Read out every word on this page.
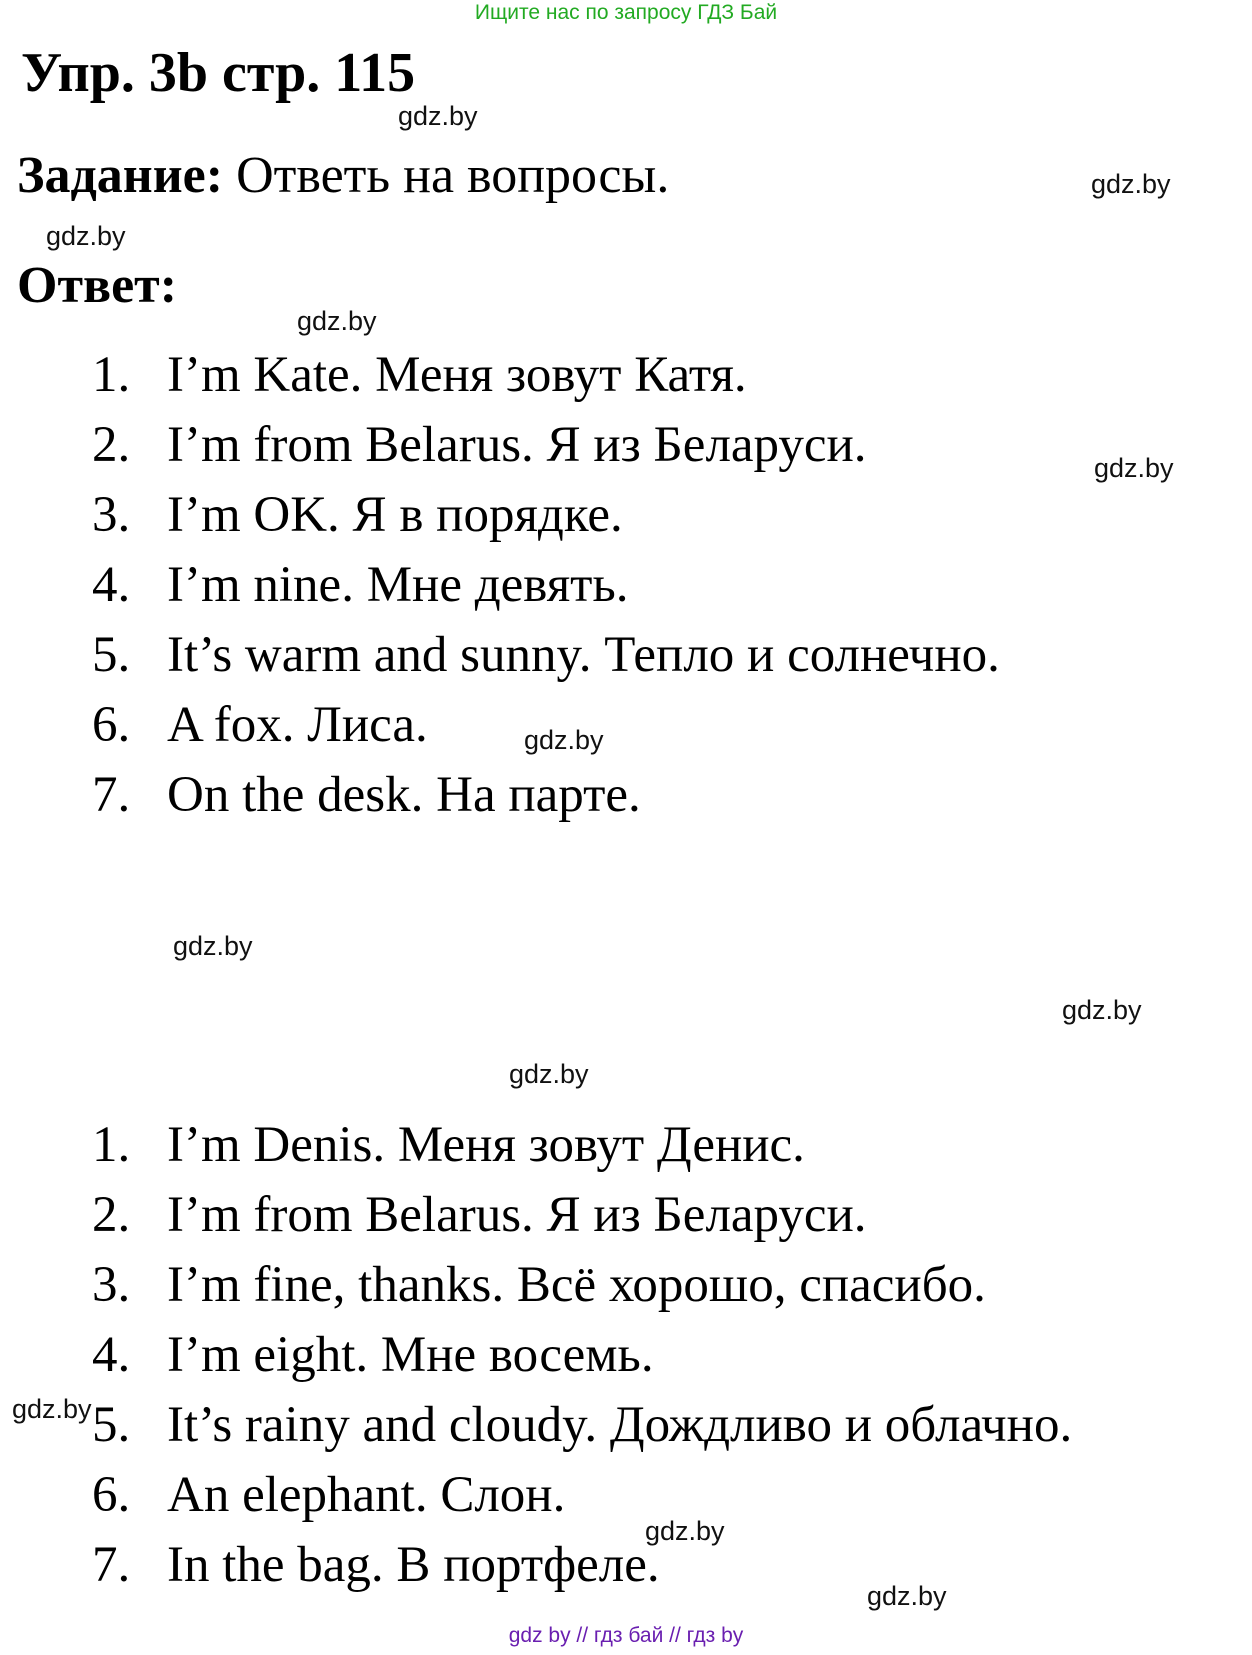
Ищите нас по запросу ГДЗ Бай
Упр. 3b стр. 115
Задание: Ответь на вопросы.
Ответ:
1. I’m Kate. Меня зовут Катя.
2. I’m from Belarus. Я из Беларуси.
3. I’m OK. Я в порядке.
4. I’m nine. Мне девять.
5. It’s warm and sunny. Тепло и солнечно.
6. A fox. Лиса.
7. On the desk. На парте.
1. I’m Denis. Меня зовут Денис.
2. I’m from Belarus. Я из Беларуси.
3. I’m fine, thanks. Всё хорошо, спасибо.
4. I’m eight. Мне восемь.
5. It’s rainy and cloudy. Дождливо и облачно.
6. An elephant. Слон.
7. In the bag. В портфеле.
gdz.by
gdz.by
gdz.by
gdz.by
gdz.by
gdz.by
gdz.by
gdz.by
gdz.by
gdz.by
gdz.by
gdz.by
gdz by // гдз бай // гдз by
